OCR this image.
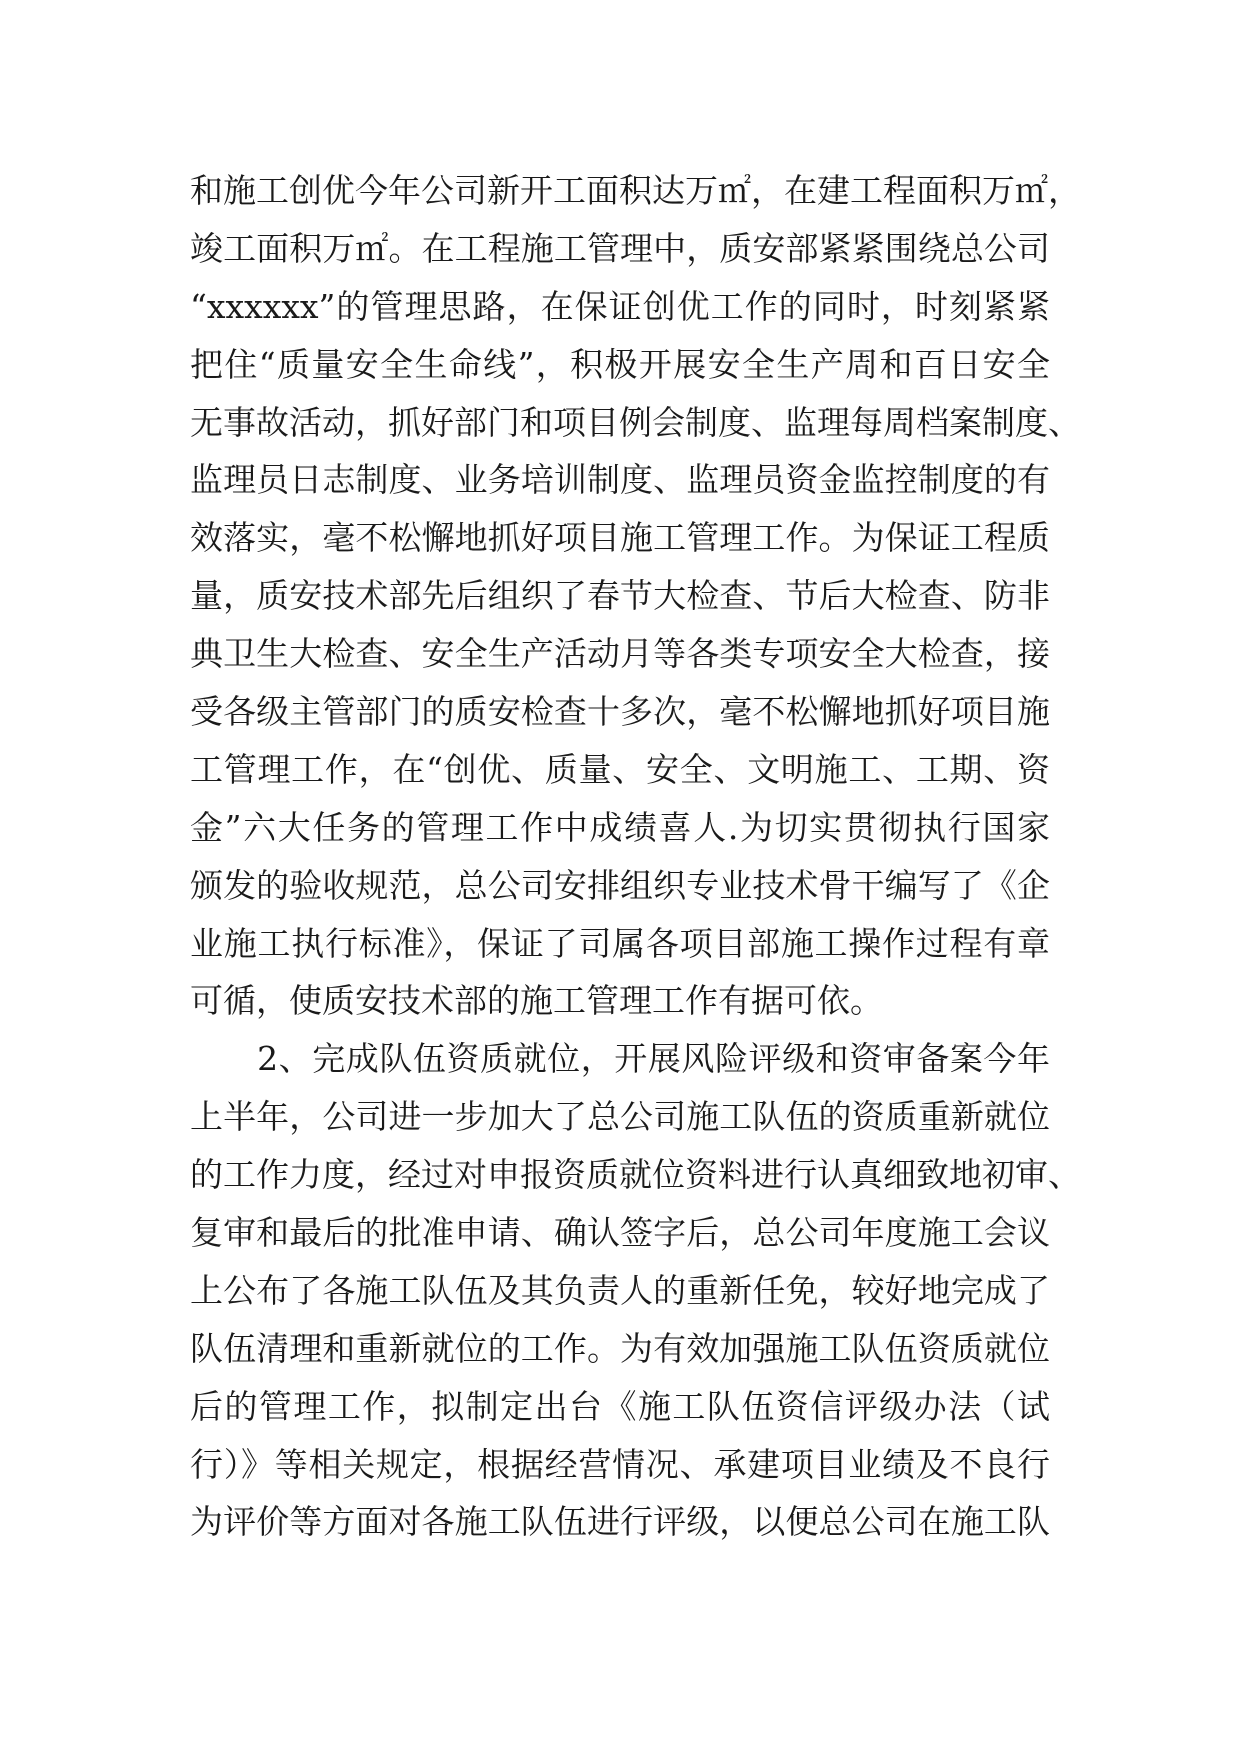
和施工创优今年公司新开工面积达万㎡，在建工程面积万㎡，
竣工面积万㎡。在工程施工管理中，质安部紧紧围绕总公司
“xxxxxx”的管理思路，在保证创优工作的同时，时刻紧紧
把住“质量安全生命线”，积极开展安全生产周和百日安全
无事故活动，抓好部门和项目例会制度、监理每周档案制度、
监理员日志制度、业务培训制度、监理员资金监控制度的有
效落实，毫不松懈地抓好项目施工管理工作。为保证工程质
量，质安技术部先后组织了春节大检查、节后大检查、防非
典卫生大检查、安全生产活动月等各类专项安全大检查，接
受各级主管部门的质安检查十多次，毫不松懈地抓好项目施
工管理工作，在“创优、质量、安全、文明施工、工期、资
金”六大任务的管理工作中成绩喜人.为切实贯彻执行国家
颁发的验收规范，总公司安排组织专业技术骨干编写了《企
业施工执行标准》，保证了司属各项目部施工操作过程有章
可循，使质安技术部的施工管理工作有据可依。
　　2、完成队伍资质就位，开展风险评级和资审备案今年
上半年，公司进一步加大了总公司施工队伍的资质重新就位
的工作力度，经过对申报资质就位资料进行认真细致地初审、
复审和最后的批准申请、确认签字后，总公司年度施工会议
上公布了各施工队伍及其负责人的重新任免，较好地完成了
队伍清理和重新就位的工作。为有效加强施工队伍资质就位
后的管理工作，拟制定出台《施工队伍资信评级办法（试
行）》等相关规定，根据经营情况、承建项目业绩及不良行
为评价等方面对各施工队伍进行评级，以便总公司在施工队
